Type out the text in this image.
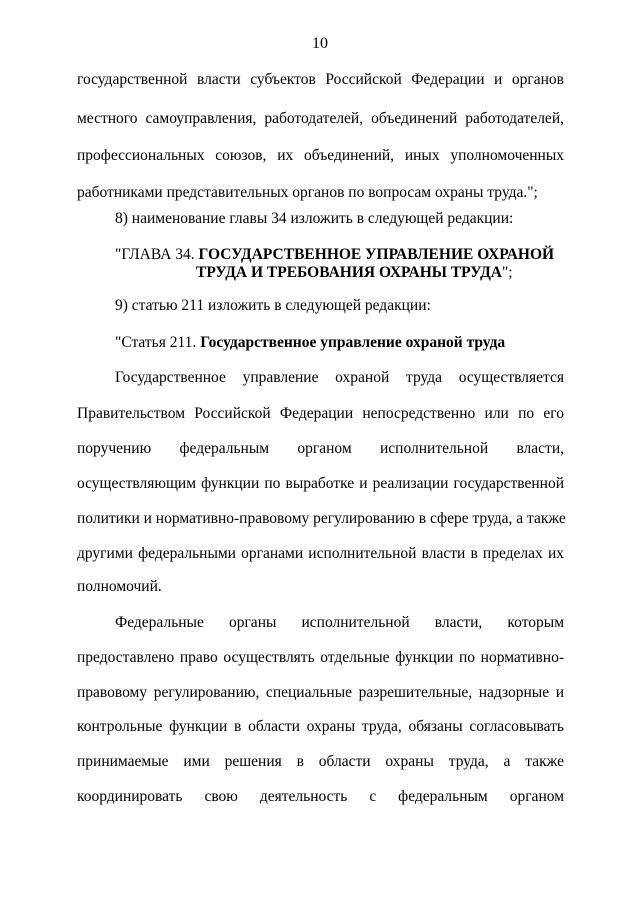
10
государственной власти субъектов Российской Федерации и органов
местного самоуправления, работодателей, объединений работодателей,
профессиональных союзов, их объединений, иных уполномоченных
работниками представительных органов по вопросам охраны труда.";
8) наименование главы 34 изложить в следующей редакции:
"ГЛАВА 34. ГОСУДАРСТВЕННОЕ УПРАВЛЕНИЕ ОХРАНОЙ
ТРУДА И ТРЕБОВАНИЯ ОХРАНЫ ТРУДА";
9) статью 211 изложить в следующей редакции:
"Статья 211. Государственное управление охраной труда
Государственное управление охраной труда осуществляется
Правительством Российской Федерации непосредственно или по его
поручению федеральным органом исполнительной власти,
осуществляющим функции по выработке и реализации государственной
политики и нормативно-правовому регулированию в сфере труда, а также
другими федеральными органами исполнительной власти в пределах их
полномочий.
Федеральные органы исполнительной власти, которым
предоставлено право осуществлять отдельные функции по нормативно-
правовому регулированию, специальные разрешительные, надзорные и
контрольные функции в области охраны труда, обязаны согласовывать
принимаемые ими решения в области охраны труда, а также
координировать свою деятельность с федеральным органом
